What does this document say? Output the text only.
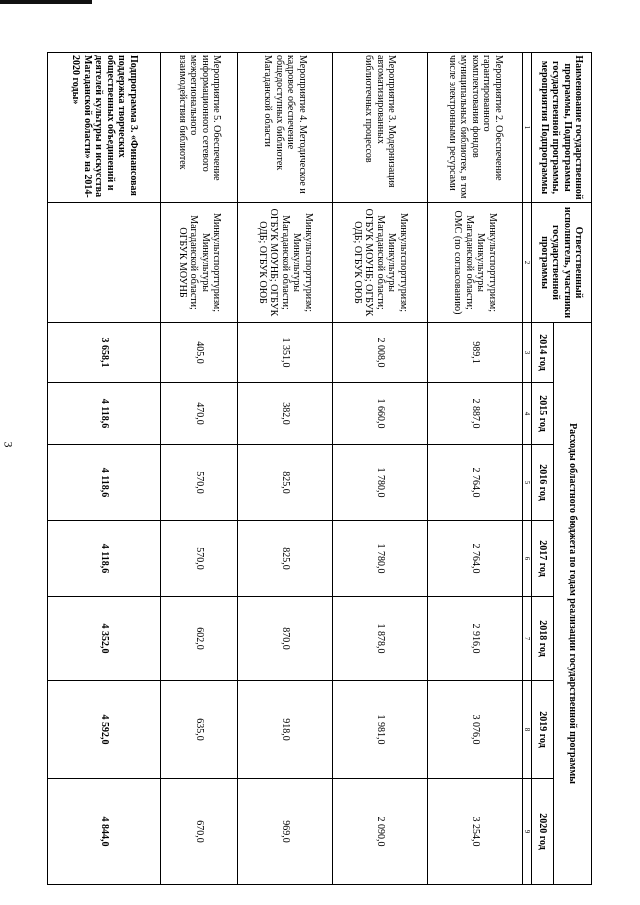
3
Наименование государственной программы, Подпрограммы государственной программы, мероприятия Подпрограммы	Ответственный исполнитель, участники государственной программы	Расходы областного бюджета по годам реализации государственной программы						
		2014 год	2015 год	2016 год	2017 год	2018 год	2019 год	2020 год
1	2	3	4	5	6	7	8	9
Мероприятие 2. Обеспечение гарантированного комплектования фондов муниципальных библиотек, в том числе электронными ресурсами	Минкультспорттуризм; Минкультуры Магаданской области; ОМС (по согласованию)	989,1	2 887,0	2 764,0	2 764,0	2 916,0	3 076,0	3 254,0
Мероприятие 3. Модернизация автоматизированных библиотечных процессов	Минкультспорттуризм; Минкультуры Магаданской области; ОГБУК МОУНБ; ОГБУК ОДБ; ОГБУК ОЮБ	2 008,0	1 660,0	1 780,0	1 780,0	1 878,0	1 981,0	2 090,0
Мероприятие 4. Методическое и кадровое обеспечение общедоступных библиотек Магаданской области	Минкультспорттуризм; Минкультуры Магаданской области; ОГБУК МОУНБ; ОГБУК ОДБ; ОГБУК ОЮБ	1 351,0	382,0	825,0	825,0	870,0	918,0	969,0
Мероприятие 5. Обеспечение информационного сетевого межрегионального взаимодействия библиотек	Минкультспорттуризм; Минкультуры Магаданской области; ОГБУК МОУНБ	405,0	470,0	570,0	570,0	602,0	635,0	670,0
Подпрограмма 3. «Финансовая поддержка творческих общественных объединений и деятелей культуры и искусства Магаданской области» на 2014-2020 годы»		3 658,1	4 118,6	4 118,6	4 118,6	4 352,0	4 592,0	4 844,0
